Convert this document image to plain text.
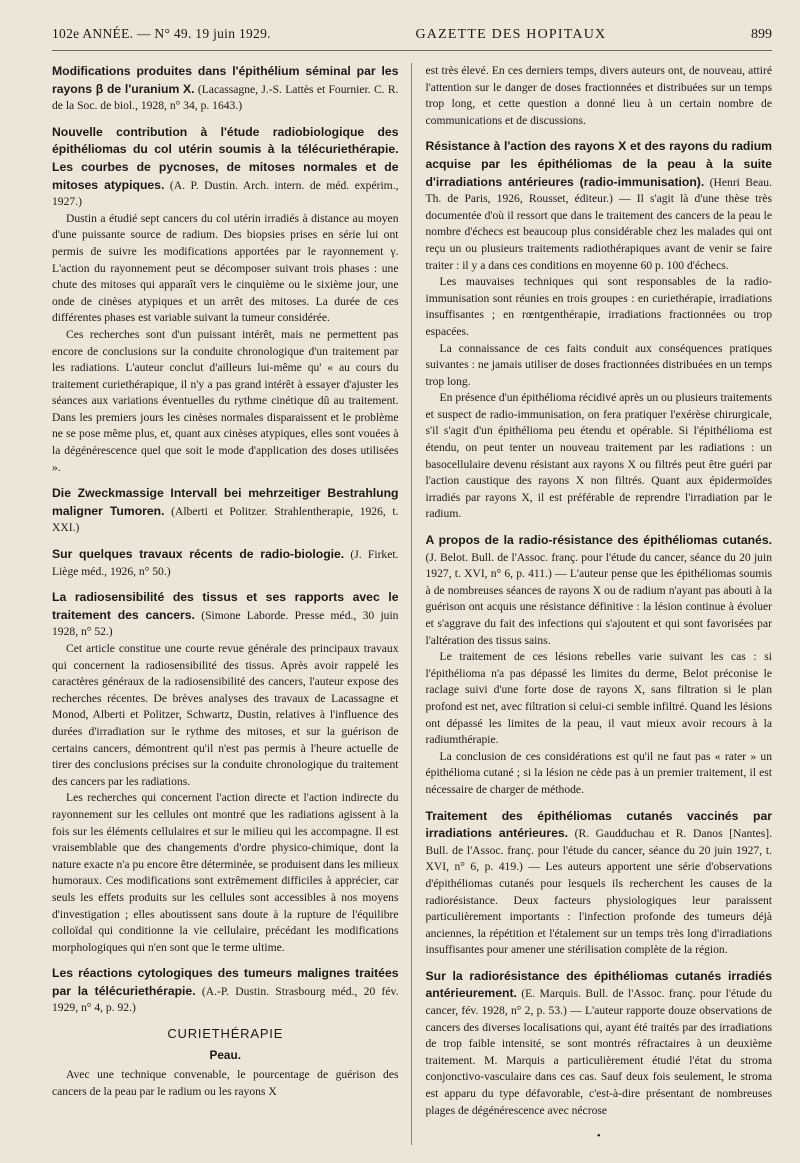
102e ANNÉE. — N° 49. 19 juin 1929.	GAZETTE DES HOPITAUX	899
Modifications produites dans l'épithélium séminal par les rayons β de l'uranium X. (Lacassagne, J.-S. Lattès et Fournier. C. R. de la Soc. de biol., 1928, n° 34, p. 1643.)
Nouvelle contribution à l'étude radiobiologique des épithéliomas du col utérin soumis à la télécuriethérapie. Les courbes de pycnoses, de mitoses normales et de mitoses atypiques. (A. P. Dustin. Arch. intern. de méd. expérim., 1927.)

Dustin a étudié sept cancers du col utérin irradiés à distance au moyen d'une puissante source de radium. Des biopsies prises en série lui ont permis de suivre les modifications apportées par le rayonnement γ. L'action du rayonnement peut se décomposer suivant trois phases : une chute des mitoses qui apparaît vers le cinquième ou le sixième jour, une onde de cinèses atypiques et un arrêt des mitoses. La durée de ces différentes phases est variable suivant la tumeur considérée.

Ces recherches sont d'un puissant intérêt, mais ne permettent pas encore de conclusions sur la conduite chronologique d'un traitement par les radiations. L'auteur conclut d'ailleurs lui-même qu' « au cours du traitement curiethérapique, il n'y a pas grand intérêt à essayer d'ajuster les séances aux variations éventuelles du rythme cinétique dû au traitement. Dans les premiers jours les cinèses normales disparaissent et le problème ne se pose même plus, et, quant aux cinèses atypiques, elles sont vouées à la dégénérescence quel que soit le mode d'application des doses utilisées ».

Die Zweckmassige Intervall bei mehrzeitiger Bestrahlung maligner Tumoren. (Alberti et Politzer. Strahlentherapie, 1926, t. XXI.)
Sur quelques travaux récents de radio-biologie. (J. Firket. Liège méd., 1926, n° 50.)
La radiosensibilité des tissus et ses rapports avec le traitement des cancers. (Simone Laborde. Presse méd., 30 juin 1928, n° 52.)

Cet article constitue une courte revue générale des principaux travaux qui concernent la radiosensibilité des tissus. Après avoir rappelé les caractères généraux de la radiosensibilité des cancers, l'auteur expose des recherches récentes. De brèves analyses des travaux de Lacassagne et Monod, Alberti et Politzer, Schwartz, Dustin, relatives à l'influence des durées d'irradiation sur le rythme des mitoses, et sur la guérison de certains cancers, démontrent qu'il n'est pas permis à l'heure actuelle de tirer des conclusions précises sur la conduite chronologique du traitement des cancers par les radiations.

Les recherches qui concernent l'action directe et l'action indirecte du rayonnement sur les cellules ont montré que les radiations agissent à la fois sur les éléments cellulaires et sur le milieu qui les accompagne. Il est vraisemblable que des changements d'ordre physico-chimique, dont la nature exacte n'a pu encore être déterminée, se produisent dans les milieux humoraux. Ces modifications sont extrêmement difficiles à apprécier, car seuls les effets produits sur les cellules sont accessibles à nos moyens d'investigation ; elles aboutissent sans doute à la rupture de l'équilibre colloïdal qui conditionne la vie cellulaire, précédant les modifications morphologiques qui n'en sont que le terme ultime.

Les réactions cytologiques des tumeurs malignes traitées par la télécuriethérapie. (A.-P. Dustin. Strasbourg méd., 20 fév. 1929, n° 4, p. 92.)
CURIETHÉRAPIE
Peau.

Avec une technique convenable, le pourcentage de guérison des cancers de la peau par le radium ou les rayons X

est très élevé. En ces derniers temps, divers auteurs ont, de nouveau, attiré l'attention sur le danger de doses fractionnées et distribuées sur un temps trop long, et cette question a donné lieu à un certain nombre de communications et de discussions.

Résistance à l'action des rayons X et des rayons du radium acquise par les épithéliomas de la peau à la suite d'irradiations antérieures (radio-immunisation). (Henri Beau. Th. de Paris, 1926, Rousset, éditeur.) — Il s'agit là d'une thèse très documentée d'où il ressort que dans le traitement des cancers de la peau le nombre d'échecs est beaucoup plus considérable chez les malades qui ont reçu un ou plusieurs traitements radiothérapiques avant de venir se faire traiter : il y a dans ces conditions en moyenne 60 p. 100 d'échecs.

Les mauvaises techniques qui sont responsables de la radio-immunisation sont réunies en trois groupes : en curiethérapie, irradiations insuffisantes ; en rœntgenthérapie, irradiations fractionnées ou trop espacées.

La connaissance de ces faits conduit aux conséquences pratiques suivantes : ne jamais utiliser de doses fractionnées distribuées en un temps trop long.

En présence d'un épithélioma récidivé après un ou plusieurs traitements et suspect de radio-immunisation, on fera pratiquer l'exérèse chirurgicale, s'il s'agit d'un épithélioma peu étendu et opérable. Si l'épithélioma est étendu, on peut tenter un nouveau traitement par les radiations : un basocellulaire devenu résistant aux rayons X ou filtrés peut être guéri par l'action caustique des rayons X non filtrés. Quant aux épidermoïdes irradiés par rayons X, il est préférable de reprendre l'irradiation par le radium.

A propos de la radio-résistance des épithéliomas cutanés. (J. Belot. Bull. de l'Assoc. franç. pour l'étude du cancer, séance du 20 juin 1927, t. XVI, n° 6, p. 411.) — L'auteur pense que les épithéliomas soumis à de nombreuses séances de rayons X ou de radium n'ayant pas abouti à la guérison ont acquis une résistance définitive : la lésion continue à évoluer et s'aggrave du fait des infections qui s'ajoutent et qui sont favorisées par l'altération des tissus sains.

Le traitement de ces lésions rebelles varie suivant les cas : si l'épithélioma n'a pas dépassé les limites du derme, Belot préconise le raclage suivi d'une forte dose de rayons X, sans filtration si le plan profond est net, avec filtration si celui-ci semble infiltré. Quand les lésions ont dépassé les limites de la peau, il vaut mieux avoir recours à la radiumthérapie.

La conclusion de ces considérations est qu'il ne faut pas « rater » un épithélioma cutané ; si la lésion ne cède pas à un premier traitement, il est nécessaire de charger de méthode.

Traitement des épithéliomas cutanés vaccinés par irradiations antérieures. (R. Gaudduchau et R. Danos [Nantes]. Bull. de l'Assoc. franç. pour l'étude du cancer, séance du 20 juin 1927, t. XVI, n° 6, p. 419.) — Les auteurs apportent une série d'observations d'épithéliomas cutanés pour lesquels ils recherchent les causes de la radiorésistance. Deux facteurs physiologiques leur paraissent particulièrement importants : l'infection profonde des tumeurs déjà anciennes, la répétition et l'étalement sur un temps très long d'irradiations insuffisantes pour amener une stérilisation complète de la région.
Sur la radiorésistance des épithéliomas cutanés irradiés antérieurement. (E. Marquis. Bull. de l'Assoc. franç. pour l'étude du cancer, fév. 1928, n° 2, p. 53.) — L'auteur rapporte douze observations de cancers des diverses localisations qui, ayant été traités par des irradiations de trop faible intensité, se sont montrés réfractaires à un deuxième traitement. M. Marquis a particulièrement étudié l'état du stroma conjonctivo-vasculaire dans ces cas. Sauf deux fois seulement, le stroma est apparu du type défavorable, c'est-à-dire présentant de nombreuses plages de dégénérescence avec nécrose
•
